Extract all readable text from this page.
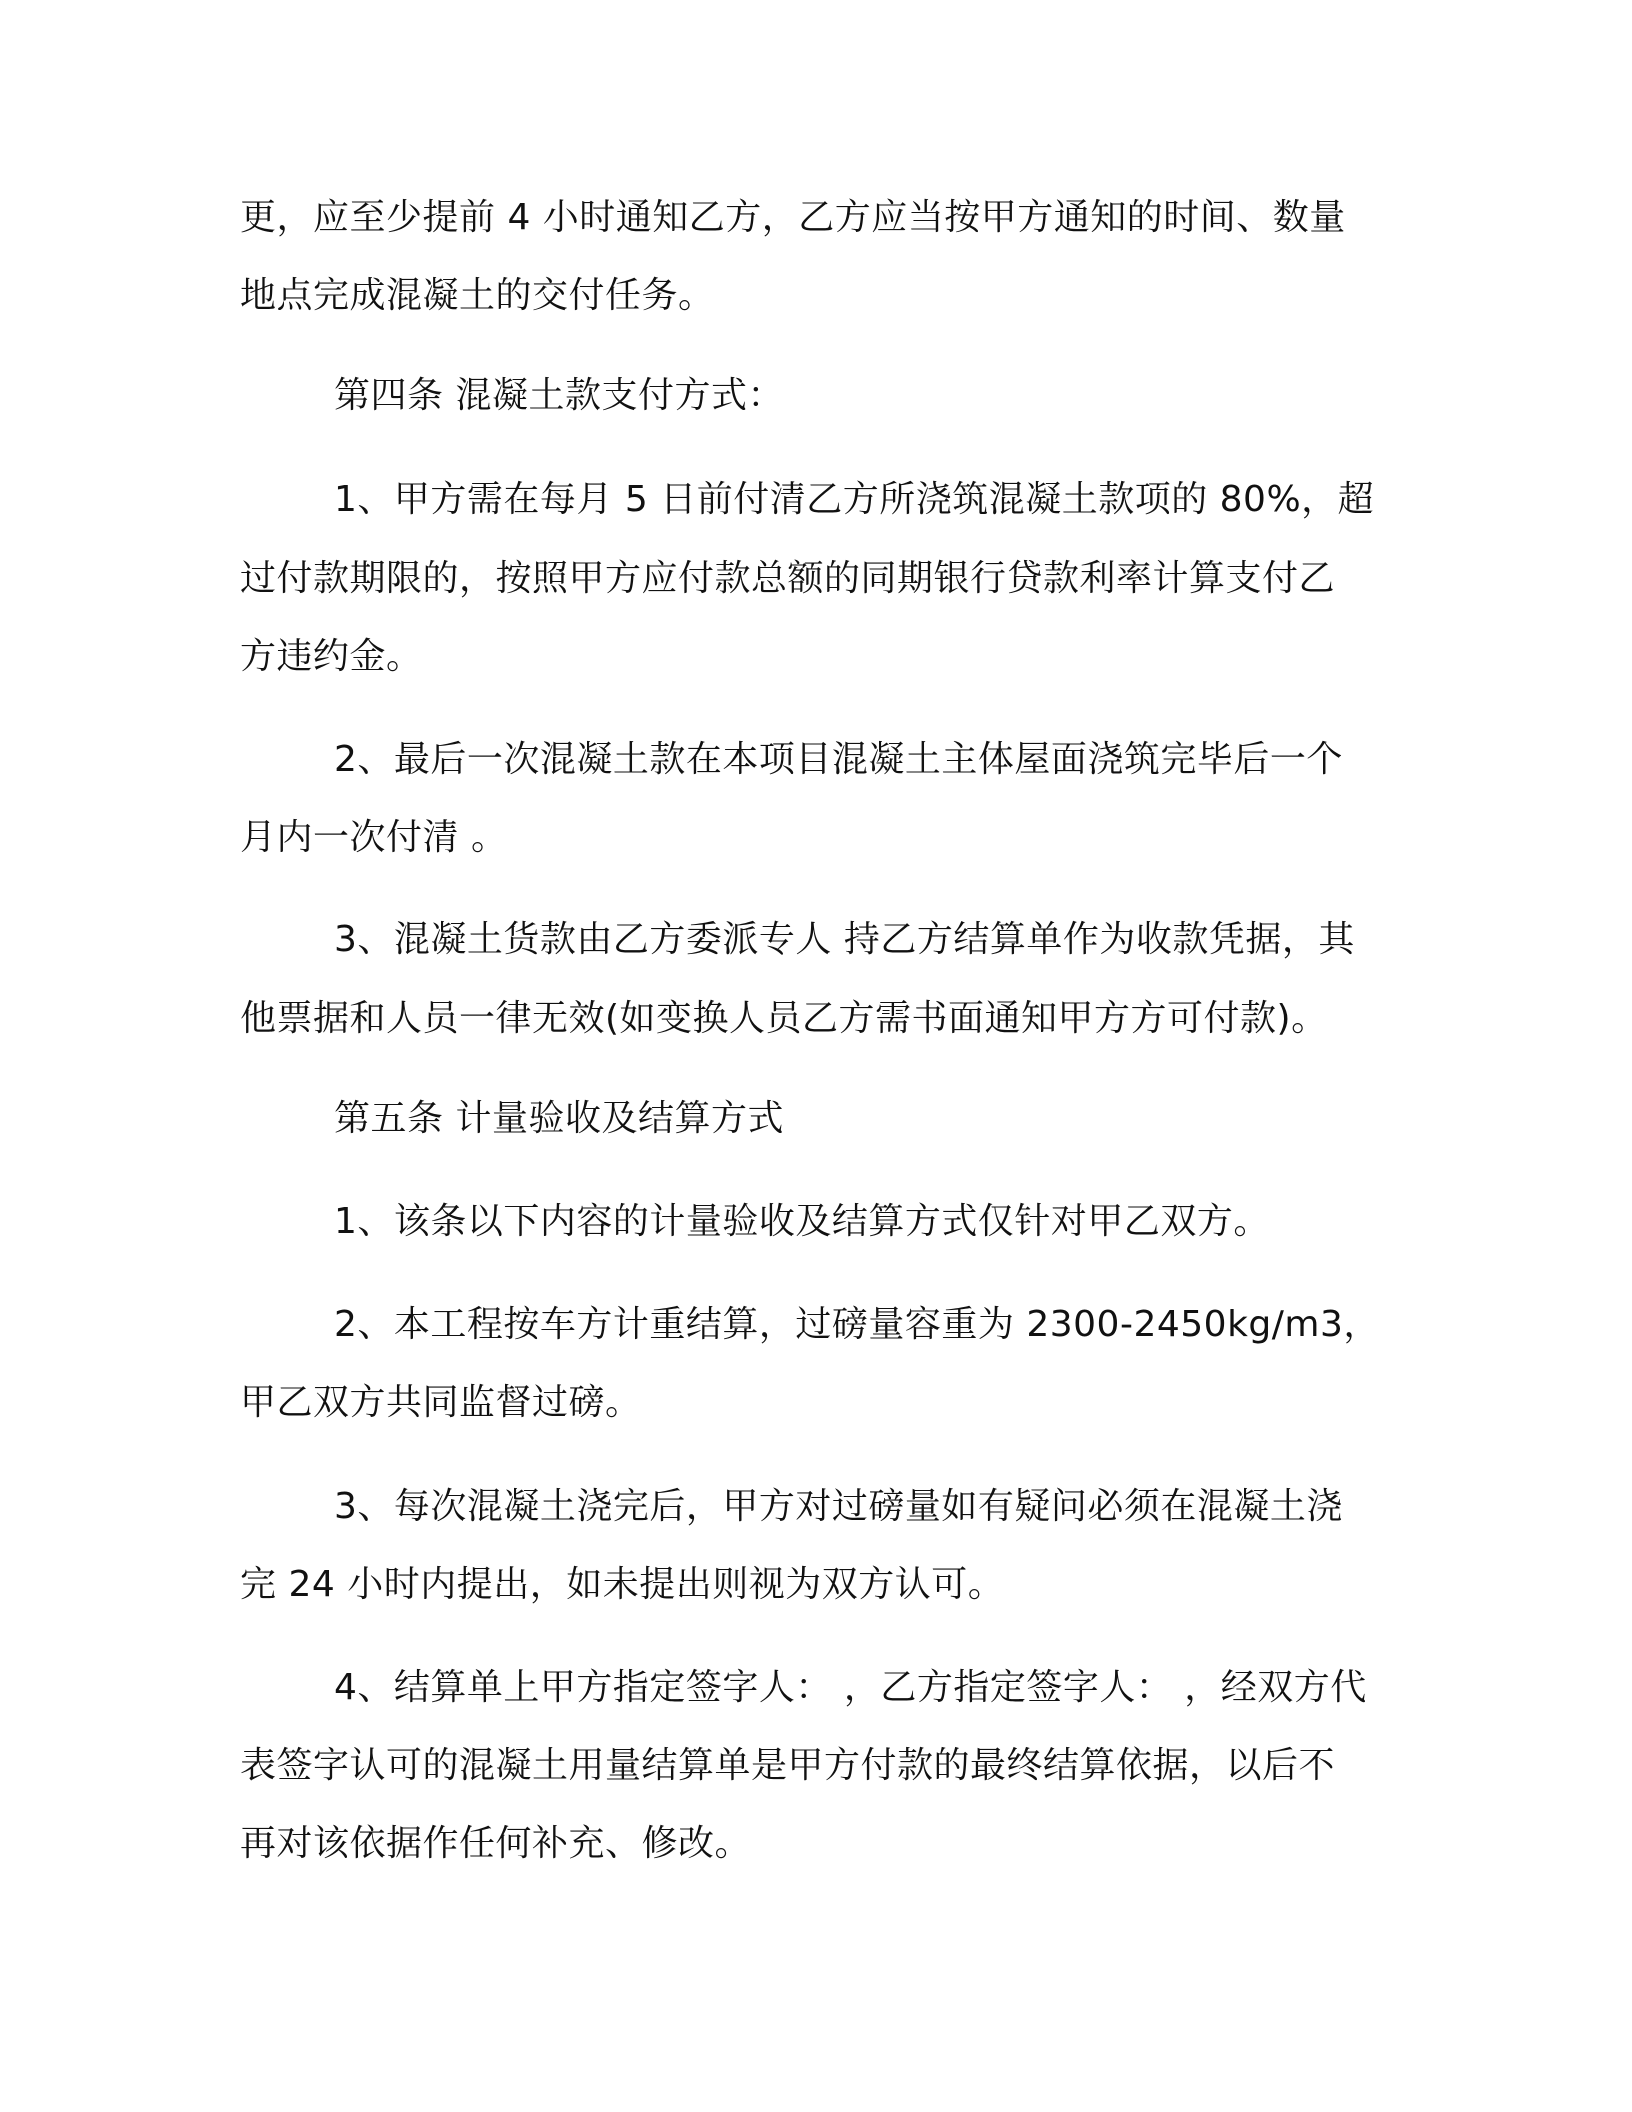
更，应至少提前 4 小时通知乙方，乙方应当按甲方通知的时间、数量
地点完成混凝土的交付任务。
第四条 混凝土款支付方式：
1、甲方需在每月 5 日前付清乙方所浇筑混凝土款项的 80%，超
过付款期限的，按照甲方应付款总额的同期银行贷款利率计算支付乙
方违约金。
2、最后一次混凝土款在本项目混凝土主体屋面浇筑完毕后一个
月内一次付清 。
3、混凝土货款由乙方委派专人 持乙方结算单作为收款凭据，其
他票据和人员一律无效(如变换人员乙方需书面通知甲方方可付款)。
第五条 计量验收及结算方式
1、该条以下内容的计量验收及结算方式仅针对甲乙双方。
2、本工程按车方计重结算，过磅量容重为 2300-2450kg/m3，
甲乙双方共同监督过磅。
3、每次混凝土浇完后，甲方对过磅量如有疑问必须在混凝土浇
完 24 小时内提出，如未提出则视为双方认可。
4、结算单上甲方指定签字人： ，乙方指定签字人： ，经双方代
表签字认可的混凝土用量结算单是甲方付款的最终结算依据，以后不
再对该依据作任何补充、修改。
